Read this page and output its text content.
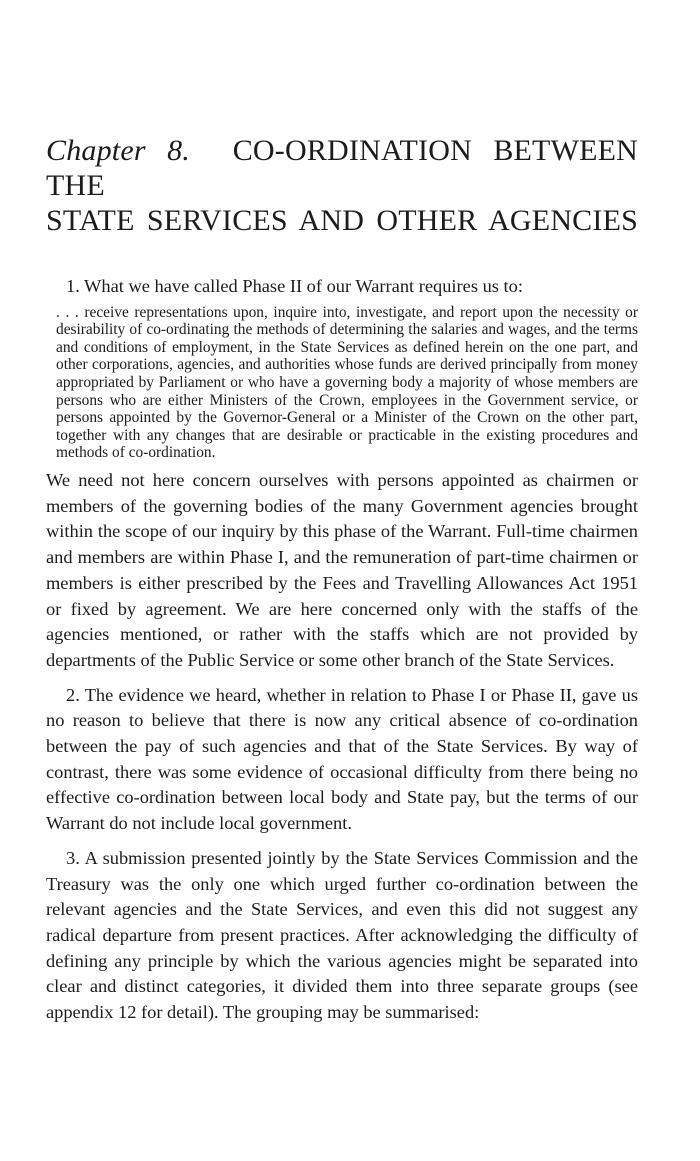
Chapter 8. CO-ORDINATION BETWEEN THE
STATE SERVICES AND OTHER AGENCIES

1. What we have called Phase II of our Warrant requires us to:

. . . receive representations upon, inquire into, investigate, and report upon the necessity or desirability of co-ordinating the methods of determining the salaries and wages, and the terms and conditions of employment, in the State Services as defined herein on the one part, and other corporations, agencies, and authorities whose funds are derived principally from money appropriated by Parliament or who have a governing body a majority of whose members are persons who are either Ministers of the Crown, employees in the Government service, or persons appointed by the Governor-General or a Minister of the Crown on the other part, together with any changes that are desirable or practicable in the existing procedures and methods of co-ordination.

We need not here concern ourselves with persons appointed as chairmen or members of the governing bodies of the many Government agencies brought within the scope of our inquiry by this phase of the Warrant. Full-time chairmen and members are within Phase I, and the remuneration of part-time chairmen or members is either prescribed by the Fees and Travelling Allowances Act 1951 or fixed by agreement. We are here concerned only with the staffs of the agencies mentioned, or rather with the staffs which are not provided by departments of the Public Service or some other branch of the State Services.

2. The evidence we heard, whether in relation to Phase I or Phase II, gave us no reason to believe that there is now any critical absence of co-ordination between the pay of such agencies and that of the State Services. By way of contrast, there was some evidence of occasional difficulty from there being no effective co-ordination between local body and State pay, but the terms of our Warrant do not include local government.

3. A submission presented jointly by the State Services Commission and the Treasury was the only one which urged further co-ordination between the relevant agencies and the State Services, and even this did not suggest any radical departure from present practices. After acknowledging the difficulty of defining any principle by which the various agencies might be separated into clear and distinct categories, it divided them into three separate groups (see appendix 12 for detail). The grouping may be summarised:
